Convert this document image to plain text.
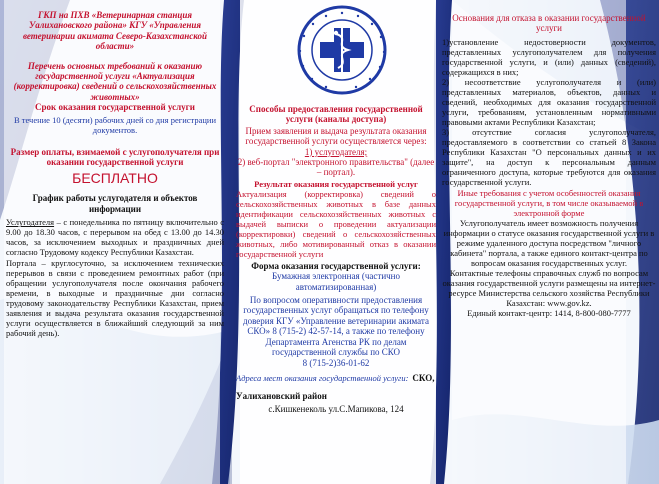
ГКП на ПХВ «Ветеринарная станция Уалихановского района» КГУ «Управления ветеринарии акимата Северо-Казахстанской области»

Перечень основных требований к оказанию государственной услуги «Актуализация (корректировка) сведений о сельскохозяйственных животных»

Срок оказания государственной услуги

В течение 10 (десяти) рабочих дней со дня регистрации документов.

Размер оплаты, взимаемой с услугополучателя при оказании государственной услуги

БЕСПЛАТНО

График работы услугодателя и объектов информации

Услугодателя – с понедельника по пятницу включительно с 9.00 до 18.30 часов, с перерывом на обед с 13.00 до 14.30 часов, за исключением выходных и праздничных дней согласно Трудовому кодексу Республики Казахстан.

Портала – круглосуточно, за исключением технических перерывов в связи с проведением ремонтных работ (при обращении услугополучателя после окончания рабочего времени, в выходные и праздничные дни согласно трудовому законодательству Республики Казахстан, прием заявления и выдача результата оказания государственной услуги осуществляется в ближайший следующий за ним рабочий день).

Способы предоставления государственной услуги (каналы доступа)

Прием заявления и выдача результата оказания государственной услуги осуществляется через:

1) услугодателя;

2) веб-портал "электронного правительства" (далее – портал).

Результат оказания государственной услуг

Актуализация (корректировка) сведений о сельскохозяйственных животных в базе данных идентификации сельскохозяйственных животных с выдачей выписки о проведении актуализации (корректировки) сведений о сельскохозяйственных животных, либо мотивированный отказ в оказании государственной услуги

Форма оказания государственной услуги:

Бумажная электронная (частично автоматизированная)

По вопросом оперативности предоставления государственных услуг обращаться по телефону доверия КГУ «Управление ветеринарии акимата СКО» 8 (715-2) 42-57-14, а также по телефону Департамента Агенства РК по делам государственной службы по СКО

8 (715-2)36-01-62

Адреса мест оказания государственной услуги:

СКО, Уалихановский район

с.Кишкенеколь ул.С.Мапикова, 124

Основания для отказа в оказании государственной услуги

1)установление недостоверности документов, представленных услугополучателем для получения государственной услуги, и (или) данных (сведений), содержащихся в них;

2) несоответствие услугополучателя и (или) представленных материалов, объектов, данных и сведений, необходимых для оказания государственной услуги, требованиям, установленным нормативными правовыми актами Республики Казахстан;

3) отсутствие согласия услугополучателя, предоставляемого в соответствии со статьей 8 Закона Республики Казахстан "О персональных данных и их защите", на доступ к персональным данным ограниченного доступа, которые требуются для оказания государственной услуги.

Иные требования с учетом особенностей оказания государственной услуги, в том числе оказываемой в электронной форме

Услугополучатель имеет возможность получения информации о статусе оказания государственной услуги в режиме удаленного доступа посредством "личного кабинета" портала, а также единого контакт-центра по вопросам оказания государственных услуг.

Контактные телефоны справочных служб по вопросам оказания государственной услуги размещены на интернет-ресурсе Министерства сельского хозяйства Республики Казахстан: www.gov.kz.

Единый контакт-центр: 1414, 8-800-080-7777
